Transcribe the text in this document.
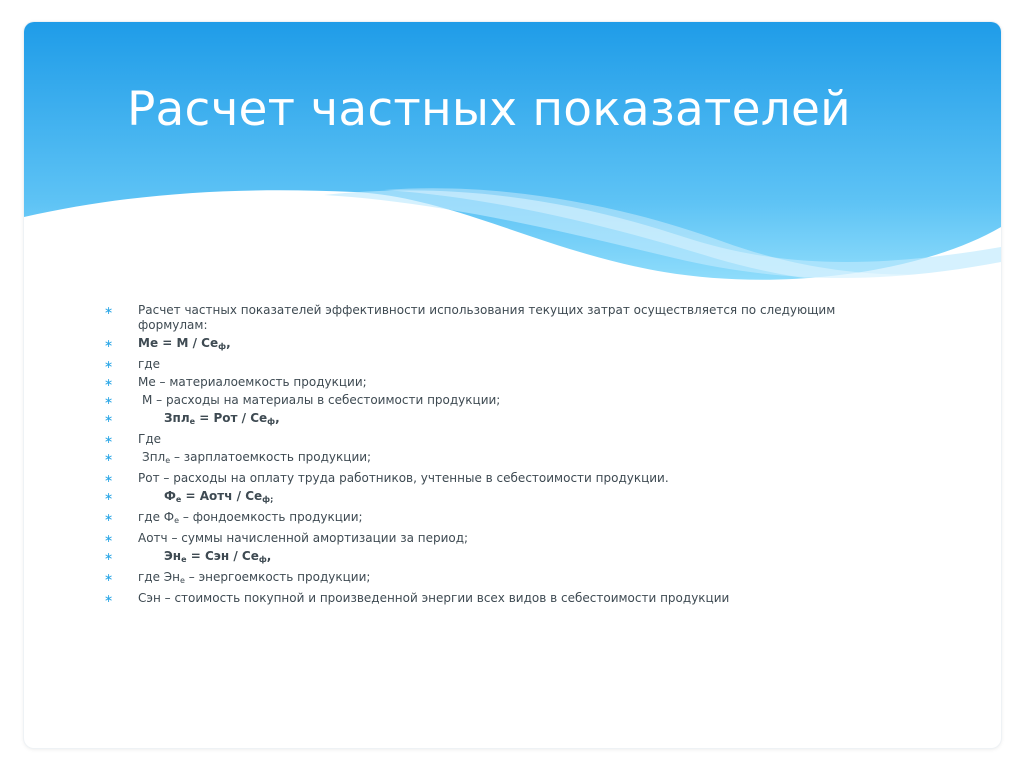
Расчет частных показателей
∗ Расчет частных показателей эффективности использования текущих затрат осуществляется по следующим формулам:
∗ Ме = М / $Се_ф$,
∗ где
∗ Ме – материалоемкость продукции;
∗ М – расходы на материалы в себестоимости продукции;
∗	Зпл$_е$ = Рот / $Се_ф$,
∗ Где
∗ Зпл$_е$ – зарплатоемкость продукции;
∗ Рот – расходы на оплату труда работников, учтенные в себестоимости продукции.
∗	$Ф_е$ = Аотч / $Се_{ф;}$
∗ где $Ф_е$ – фондоемкость продукции;
∗ Аотч – суммы начисленной амортизации за период;
∗	$Эн_е$ = Сэн / $Се_ф$,
∗ где $Эн_е$ – энергоемкость продукции;
∗ Сэн – стоимость покупной и произведенной энергии всех видов в себестоимости продукции
